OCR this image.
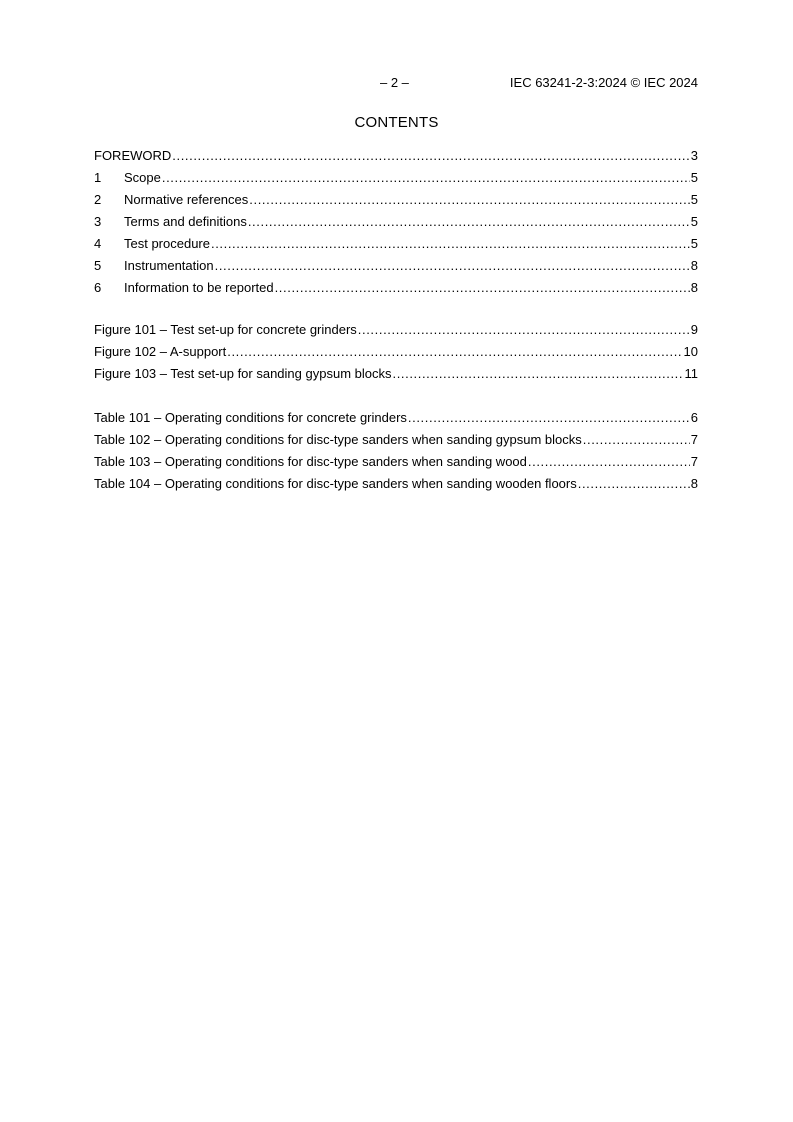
– 2 –	IEC 63241-2-3:2024 © IEC 2024
CONTENTS
FOREWORD .....	3
1	Scope .....	5
2	Normative references .....	5
3	Terms and definitions .....	5
4	Test procedure .....	5
5	Instrumentation .....	8
6	Information to be reported .....	8
Figure 101 – Test set-up for concrete grinders .....	9
Figure 102 – A-support .....	10
Figure 103 – Test set-up for sanding gypsum blocks .....	11
Table 101 – Operating conditions for concrete grinders .....	6
Table 102 – Operating conditions for disc-type sanders when sanding gypsum blocks .....	7
Table 103 – Operating conditions for disc-type sanders when sanding wood .....	7
Table 104 – Operating conditions for disc-type sanders when sanding wooden floors .....	8
